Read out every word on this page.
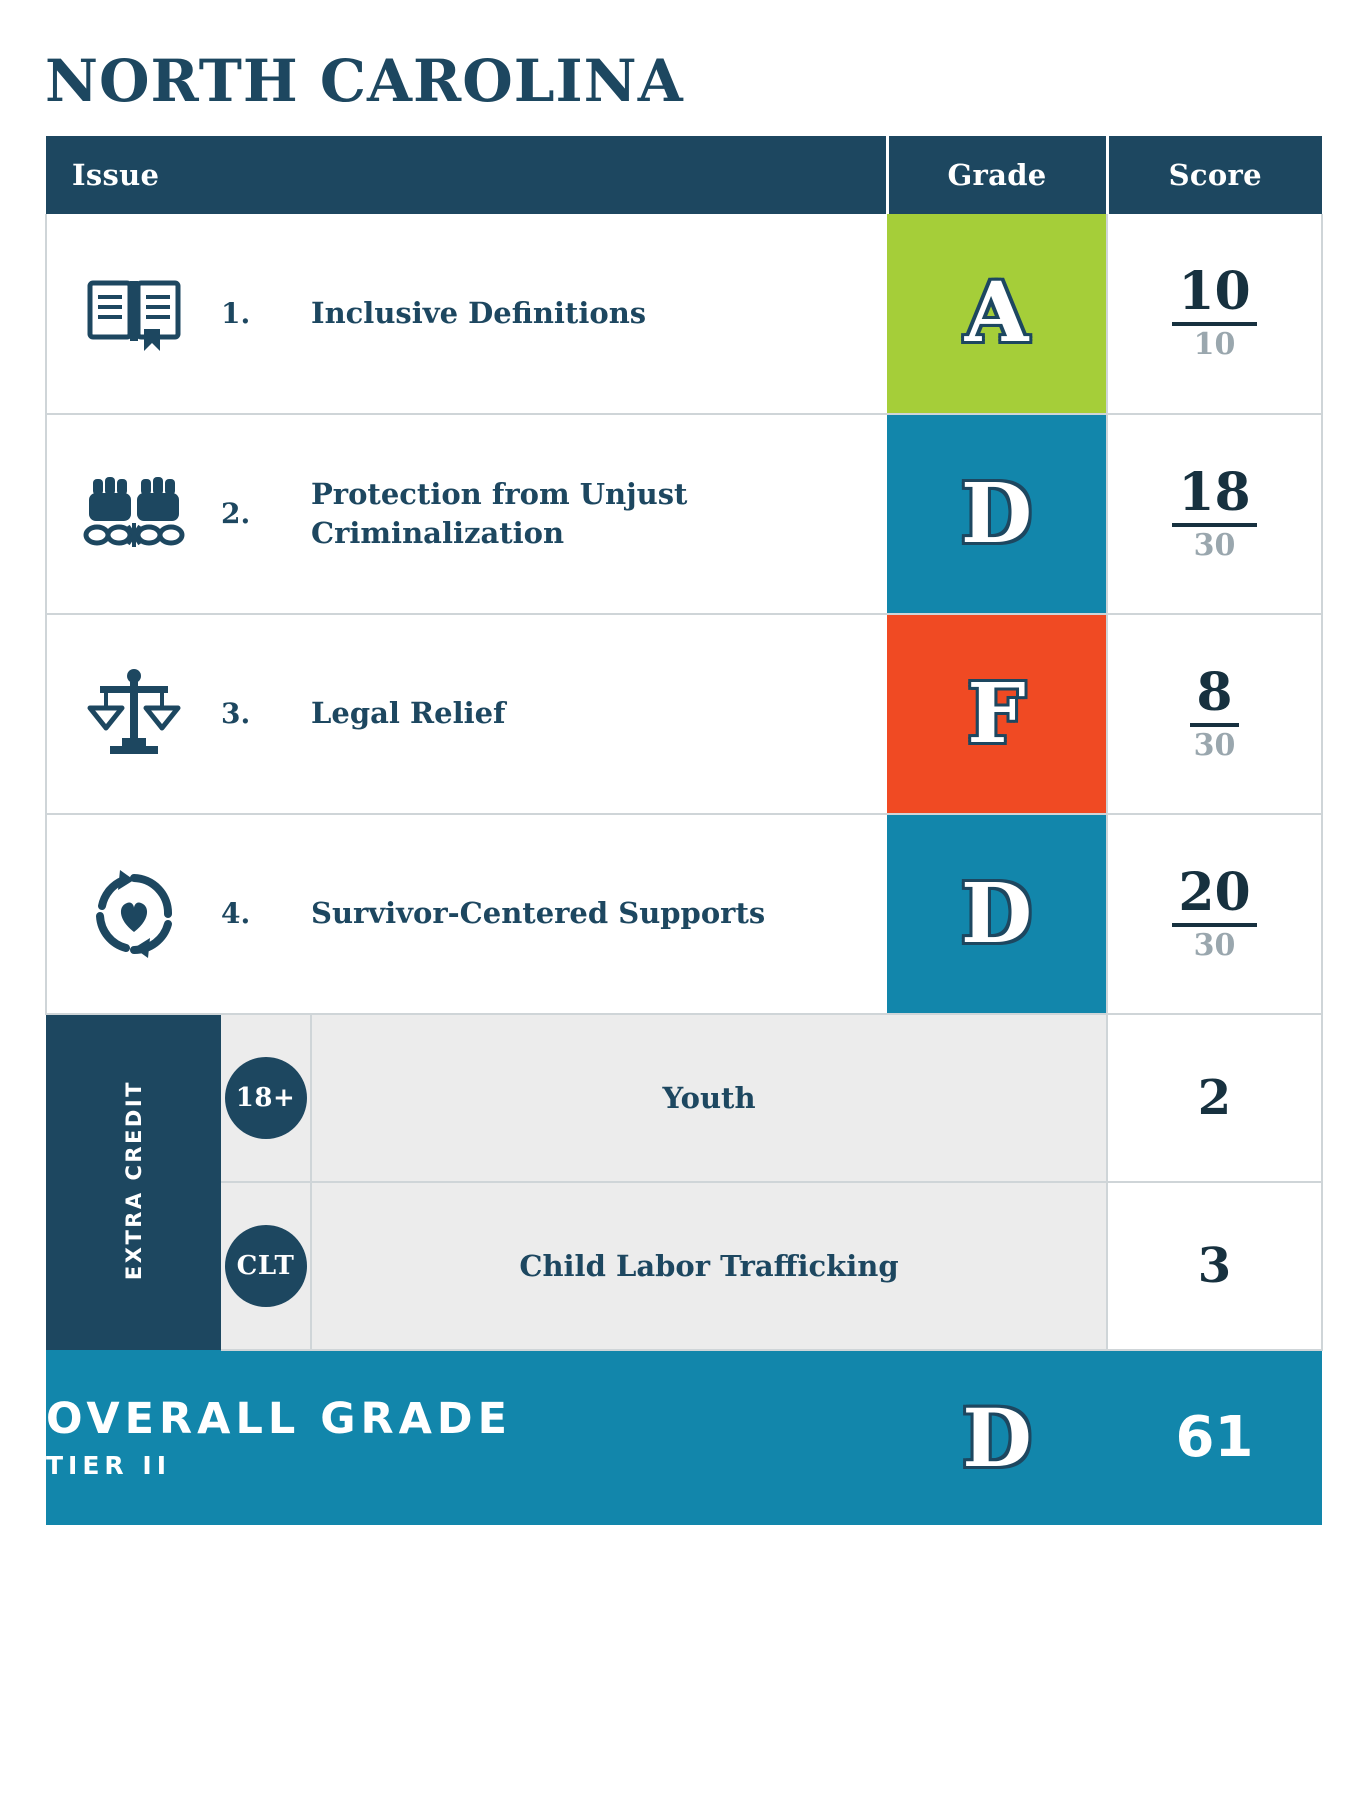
NORTH CAROLINA
Issue			Grade	Score

	1.	Inclusive Definitions	A	$\frac{10}{10}$

	2.	Protection from Unjust Criminalization	D	$\frac{18}{30}$

	3.	Legal Relief	F	$\frac{8}{30}$

	4.	Survivor-Centered Supports	D	$\frac{20}{30}$

EXTRA CREDIT	18+	Youth		2
	CLT	Child Labor Trafficking		3

OVERALL GRADE
TIER II			D	61
